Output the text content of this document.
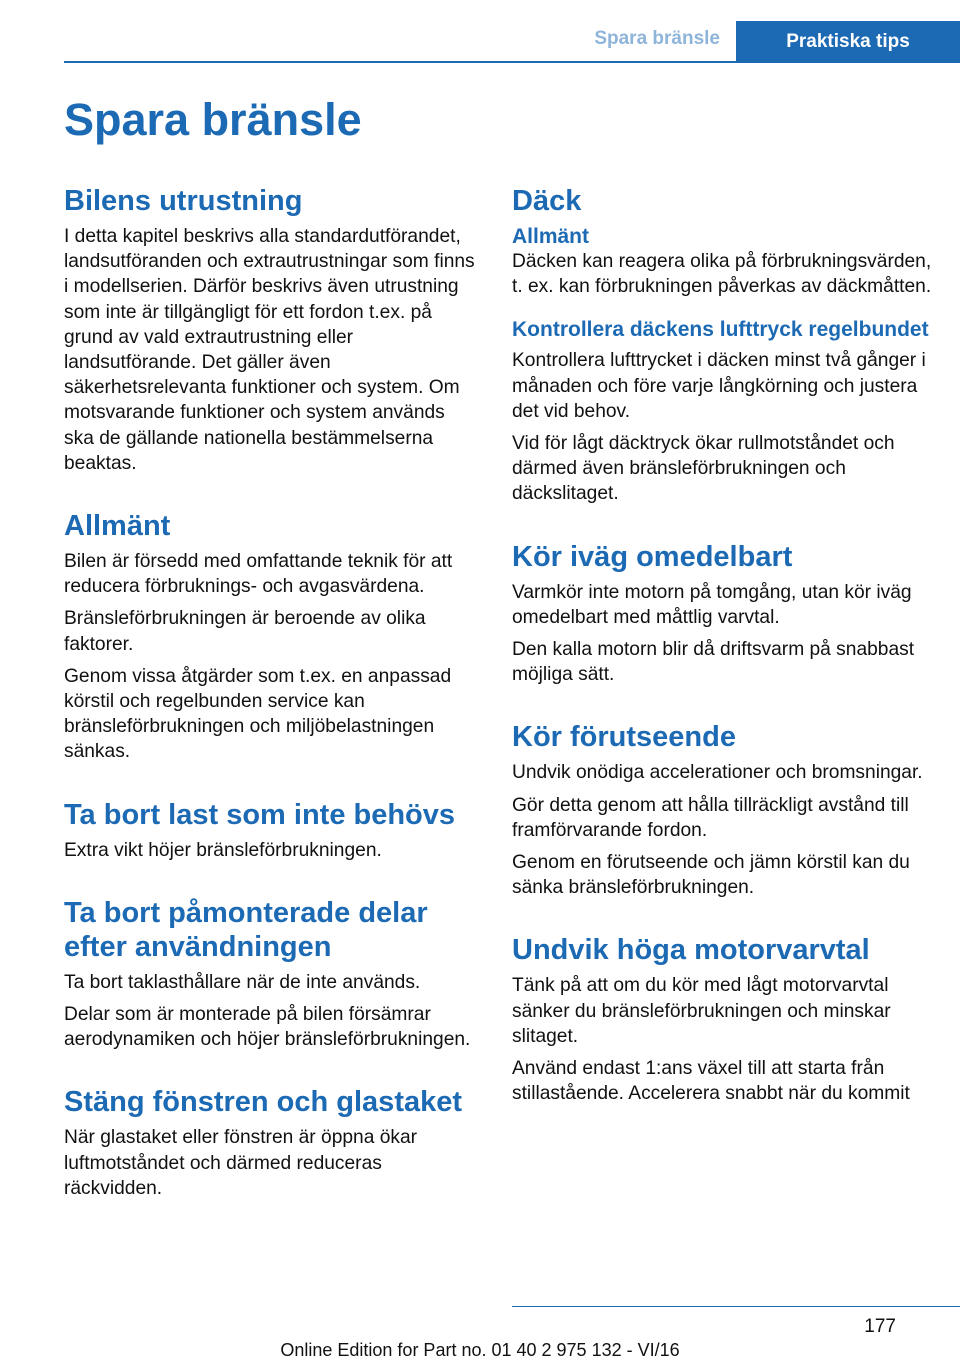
Spara bränsle	Praktiska tips
Spara bränsle
Bilens utrustning

I detta kapitel beskrivs alla standardutförandet, landsutföranden och extrautrustningar som finns i modellserien. Därför beskrivs även utrustning som inte är tillgängligt för ett fordon t.ex. på grund av vald extrautrustning eller landsutförande. Det gäller även säkerhetsrelevanta funktioner och system. Om motsvarande funktioner och system används ska de gällande nationella bestämmelserna beaktas.

Allmänt

Bilen är försedd med omfattande teknik för att reducera förbruknings- och avgasvärdena.

Bränsleförbrukningen är beroende av olika faktorer.

Genom vissa åtgärder som t.ex. en anpassad körstil och regelbunden service kan bränsleförbrukningen och miljöbelastningen sänkas.

Ta bort last som inte behövs

Extra vikt höjer bränsleförbrukningen.

Ta bort påmonterade delar efter användningen

Ta bort taklasthållare när de inte används.

Delar som är monterade på bilen försämrar aerodynamiken och höjer bränsleförbrukningen.

Stäng fönstren och glastaket

När glastaket eller fönstren är öppna ökar luftmotståndet och därmed reduceras räckvidden.

Däck
Allmänt

Däcken kan reagera olika på förbrukningsvärden, t. ex. kan förbrukningen påverkas av däckmåtten.

Kontrollera däckens lufttryck regelbundet

Kontrollera lufttrycket i däcken minst två gånger i månaden och före varje långkörning och justera det vid behov.

Vid för lågt däcktryck ökar rullmotståndet och därmed även bränsleförbrukningen och däckslitaget.

Kör iväg omedelbart

Varmkör inte motorn på tomgång, utan kör iväg omedelbart med måttlig varvtal.

Den kalla motorn blir då driftsvarm på snabbast möjliga sätt.

Kör förutseende

Undvik onödiga accelerationer och bromsningar.

Gör detta genom att hålla tillräckligt avstånd till framförvarande fordon.

Genom en förutseende och jämn körstil kan du sänka bränsleförbrukningen.

Undvik höga motorvarvtal

Tänk på att om du kör med lågt motorvarvtal sänker du bränsleförbrukningen och minskar slitaget.

Använd endast 1:ans växel till att starta från stillastående. Accelerera snabbt när du kommit

177
Online Edition for Part no. 01 40 2 975 132 - VI/16
